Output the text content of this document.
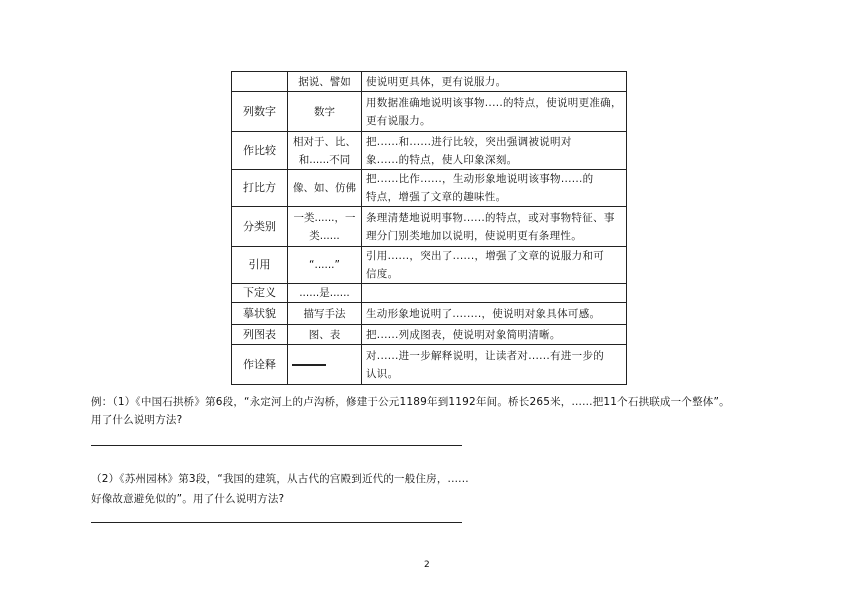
	据说、譬如	使说明更具体，更有说服力。

列数字	数字	用数据准确地说明该事物.....的特点，使说明更准确，
更有说服力。

作比较	相对于、比、
和......不同	把......和......进行比较，突出强调被说明对
象......的特点，使人印象深刻。

打比方	像、如、仿佛	把......比作......，生动形象地说明该事物......的
特点，增强了文章的趣味性。

分类别	一类......，一
类......	条理清楚地说明事物......的特点，或对事物特征、事
理分门别类地加以说明，使说明更有条理性。

引用	“......”	引用......，突出了......，增强了文章的说服力和可
信度。

下定义	......是......	

摹状貌	描写手法	生动形象地说明了........，使说明对象具体可感。

列图表	图、表	把......列成图表，使说明对象简明清晰。

作诠释		对......进一步解释说明，让读者对......有进一步的
认识。
例：（1）《中国石拱桥》第6段，“永定河上的卢沟桥，修建于公元1189年到1192年间。桥长265米，......把11个石拱联成一个整体”。
用了什么说明方法?
（2）《苏州园林》第3段，“我国的建筑，从古代的宫殿到近代的一般住房，......
好像故意避免似的”。用了什么说明方法?
2
